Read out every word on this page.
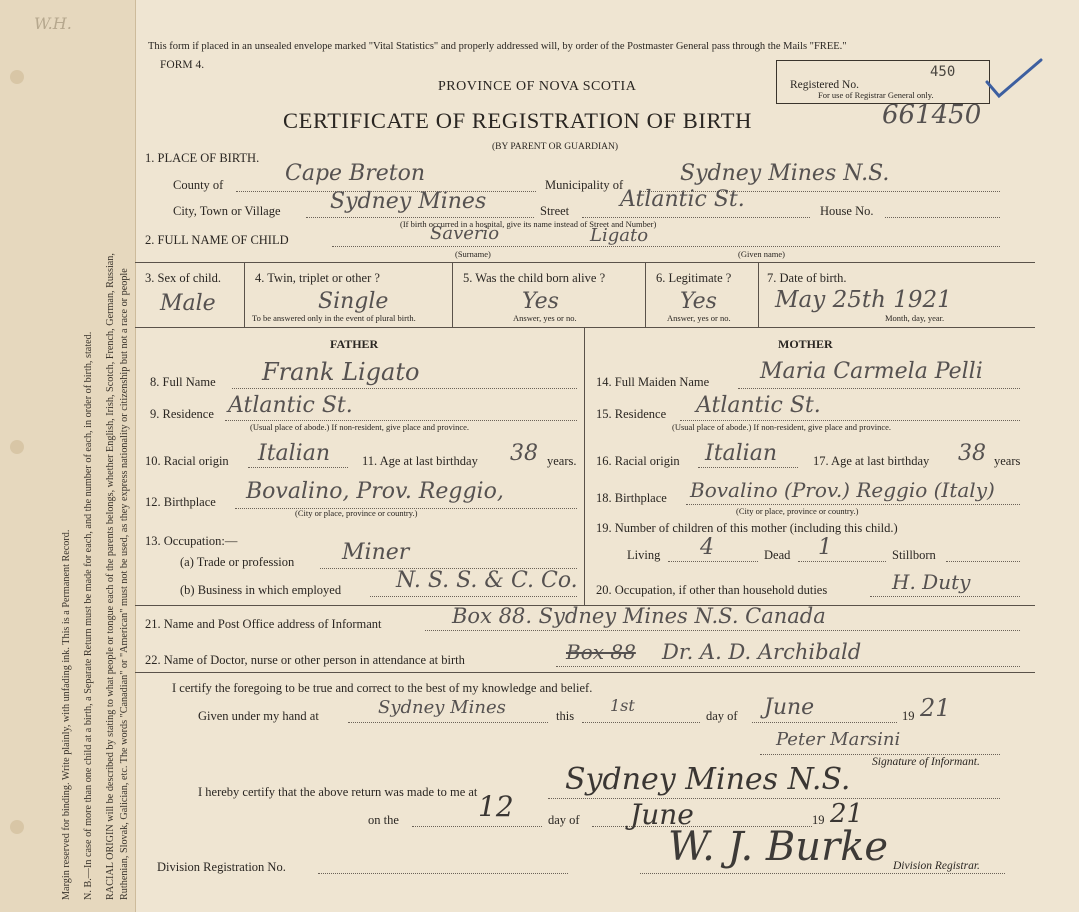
Margin reserved for binding. Write plainly, with unfading ink. This is a Permanent Record. N. B.—In case of more than one child at a birth, a Separate Return must be made for each, and the number of each, in order of birth, stated. RACIAL ORIGIN will be described by stating to what people or tongue each of the parents belongs, whether English, Irish, Scotch, French, German, Russian, Ruthenian, Slovak, Galician, etc. The words "Canadian" or "American" must not be used, as they express nationality or citizenship but not a race or people
W.H.
This form if placed in an unsealed envelope marked "Vital Statistics" and properly addressed will, by order of the Postmaster General pass through the Mails "FREE."
FORM 4.
PROVINCE OF NOVA SCOTIA
CERTIFICATE OF REGISTRATION OF BIRTH
(BY PARENT OR GUARDIAN)
Registered No.
450
For use of Registrar General only.
661450
1. PLACE OF BIRTH.
County of	Cape Breton	Municipality of	Sydney Mines N.S.
City, Town or Village Sydney Mines	Street Atlantic St.
(If birth occurred in a hospital, give its name instead of Street and Number)
House No.
2. FULL NAME OF CHILD	Saverio	Ligato
(Surname)	(Given name)
3. Sex of child.
Male
4. Twin, triplet or other ?
Single
To be answered only in the event of plural birth.
5. Was the child born alive ?
Yes
Answer, yes or no.
6. Legitimate ?
Yes
Answer, yes or no.
7. Date of birth.
May 25th 1921
Month, day, year.
FATHER
8. Full Name Frank Ligato
9. Residence Atlantic St.
(Usual place of abode.) If non-resident, give place and province.
10. Racial origin Italian	11. Age at last birthday 38 years.
12. Birthplace Bovalino, Prov. Reggio,
(City or place, province or country.)
13. Occupation:—
(a) Trade or profession Miner
(b) Business in which employed N. S. S. & C. Co.
MOTHER
14. Full Maiden Name Maria Carmela Pelli
15. Residence Atlantic St.
(Usual place of abode.) If non-resident, give place and province.
16. Racial origin Italian	17. Age at last birthday 38 years
18. Birthplace Bovalino (Prov.) Reggio (Italy)
(City or place, province or country.)
19. Number of children of this mother (including this child.)
Living 4	Dead 1	Stillborn
20. Occupation, if other than household duties	H. Duty
21. Name and Post Office address of Informant	Box 88. Sydney Mines N.S. Canada
22. Name of Doctor, nurse or other person in attendance at birth	Box 88 Dr. A. D. Archibald
I certify the foregoing to be true and correct to the best of my knowledge and belief.
Given under my hand at	Sydney Mines	this
1st
day of June	19 21
Peter Marsini
Signature of Informant.
I hereby certify that the above return was made to me at	Sydney Mines N.S.
on the	12	day of June	19 21
Division Registration No.	W. J. Burke Division Registrar.
